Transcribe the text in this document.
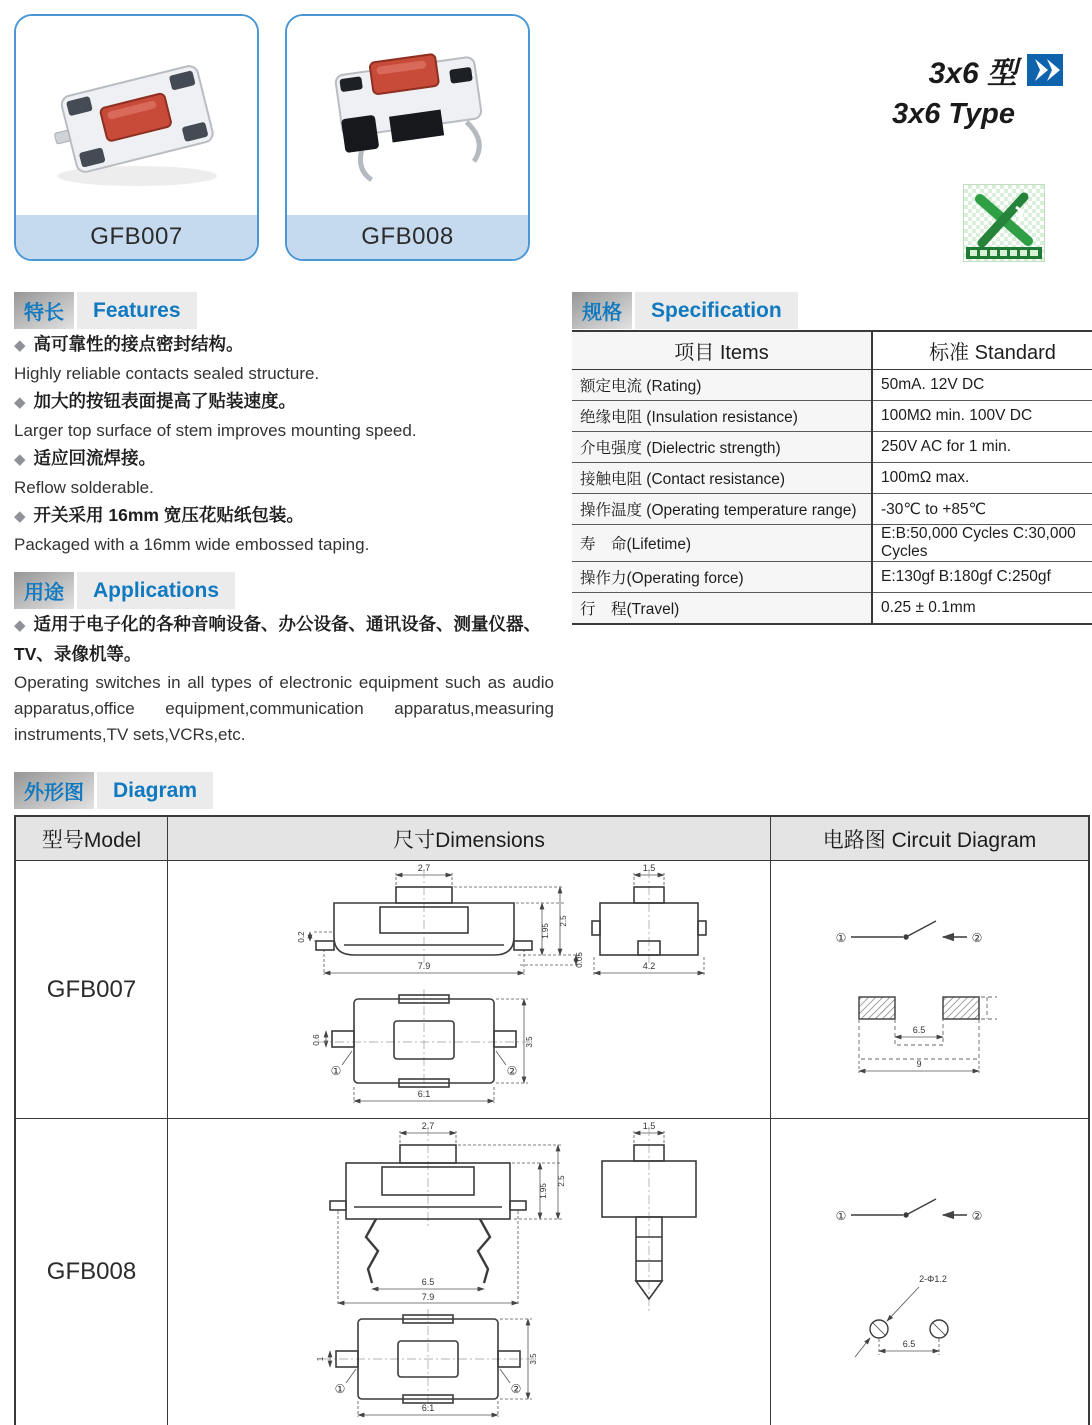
GFB007	GFB008
3x6 型
3x6 Type
特长	Features
◆ 高可靠性的接点密封结构。
Highly reliable contacts sealed structure.
◆ 加大的按钮表面提高了贴装速度。
Larger top surface of stem improves mounting speed.
◆ 适应回流焊接。
Reflow solderable.
◆ 开关采用 16mm 宽压花贴纸包装。
Packaged with a 16mm wide embossed taping.
用途	Applications
◆ 适用于电子化的各种音响设备、办公设备、通讯设备、测量仪器、TV、录像机等。
Operating switches in all types of electronic equipment such as audio apparatus,office equipment,communication apparatus,measuring instruments,TV sets,VCRs,etc.
规格	Specification
项目 Items	标准 Standard
额定电流 (Rating)	50mA. 12V DC
绝缘电阻 (Insulation resistance)	100MΩ min. 100V DC
介电强度 (Dielectric strength)	250V AC for 1 min.
接触电阻 (Contact resistance)	100mΩ max.
操作温度 (Operating temperature range)	-30℃ to +85℃
寿　命(Lifetime)	E:B:50,000 Cycles C:30,000 Cycles
操作力(Operating force)	E:130gf B:180gf C:250gf
行　程(Travel)	0.25 ± 0.1mm
外形图	Diagram
型号Model	尺寸Dimensions	电路图 Circuit Diagram
GFB007	
2.7
7.9
1.95
2.5
0.05
0.2
1.5
4.2
0.6	3.5
6.1
①	②

①	②
6.5
9

GFB008	
2.7
1.95
2.5
6.5
7.9
1.5
1	3.5
6.1
①	②

①	②
2-Φ1.2
6.5
